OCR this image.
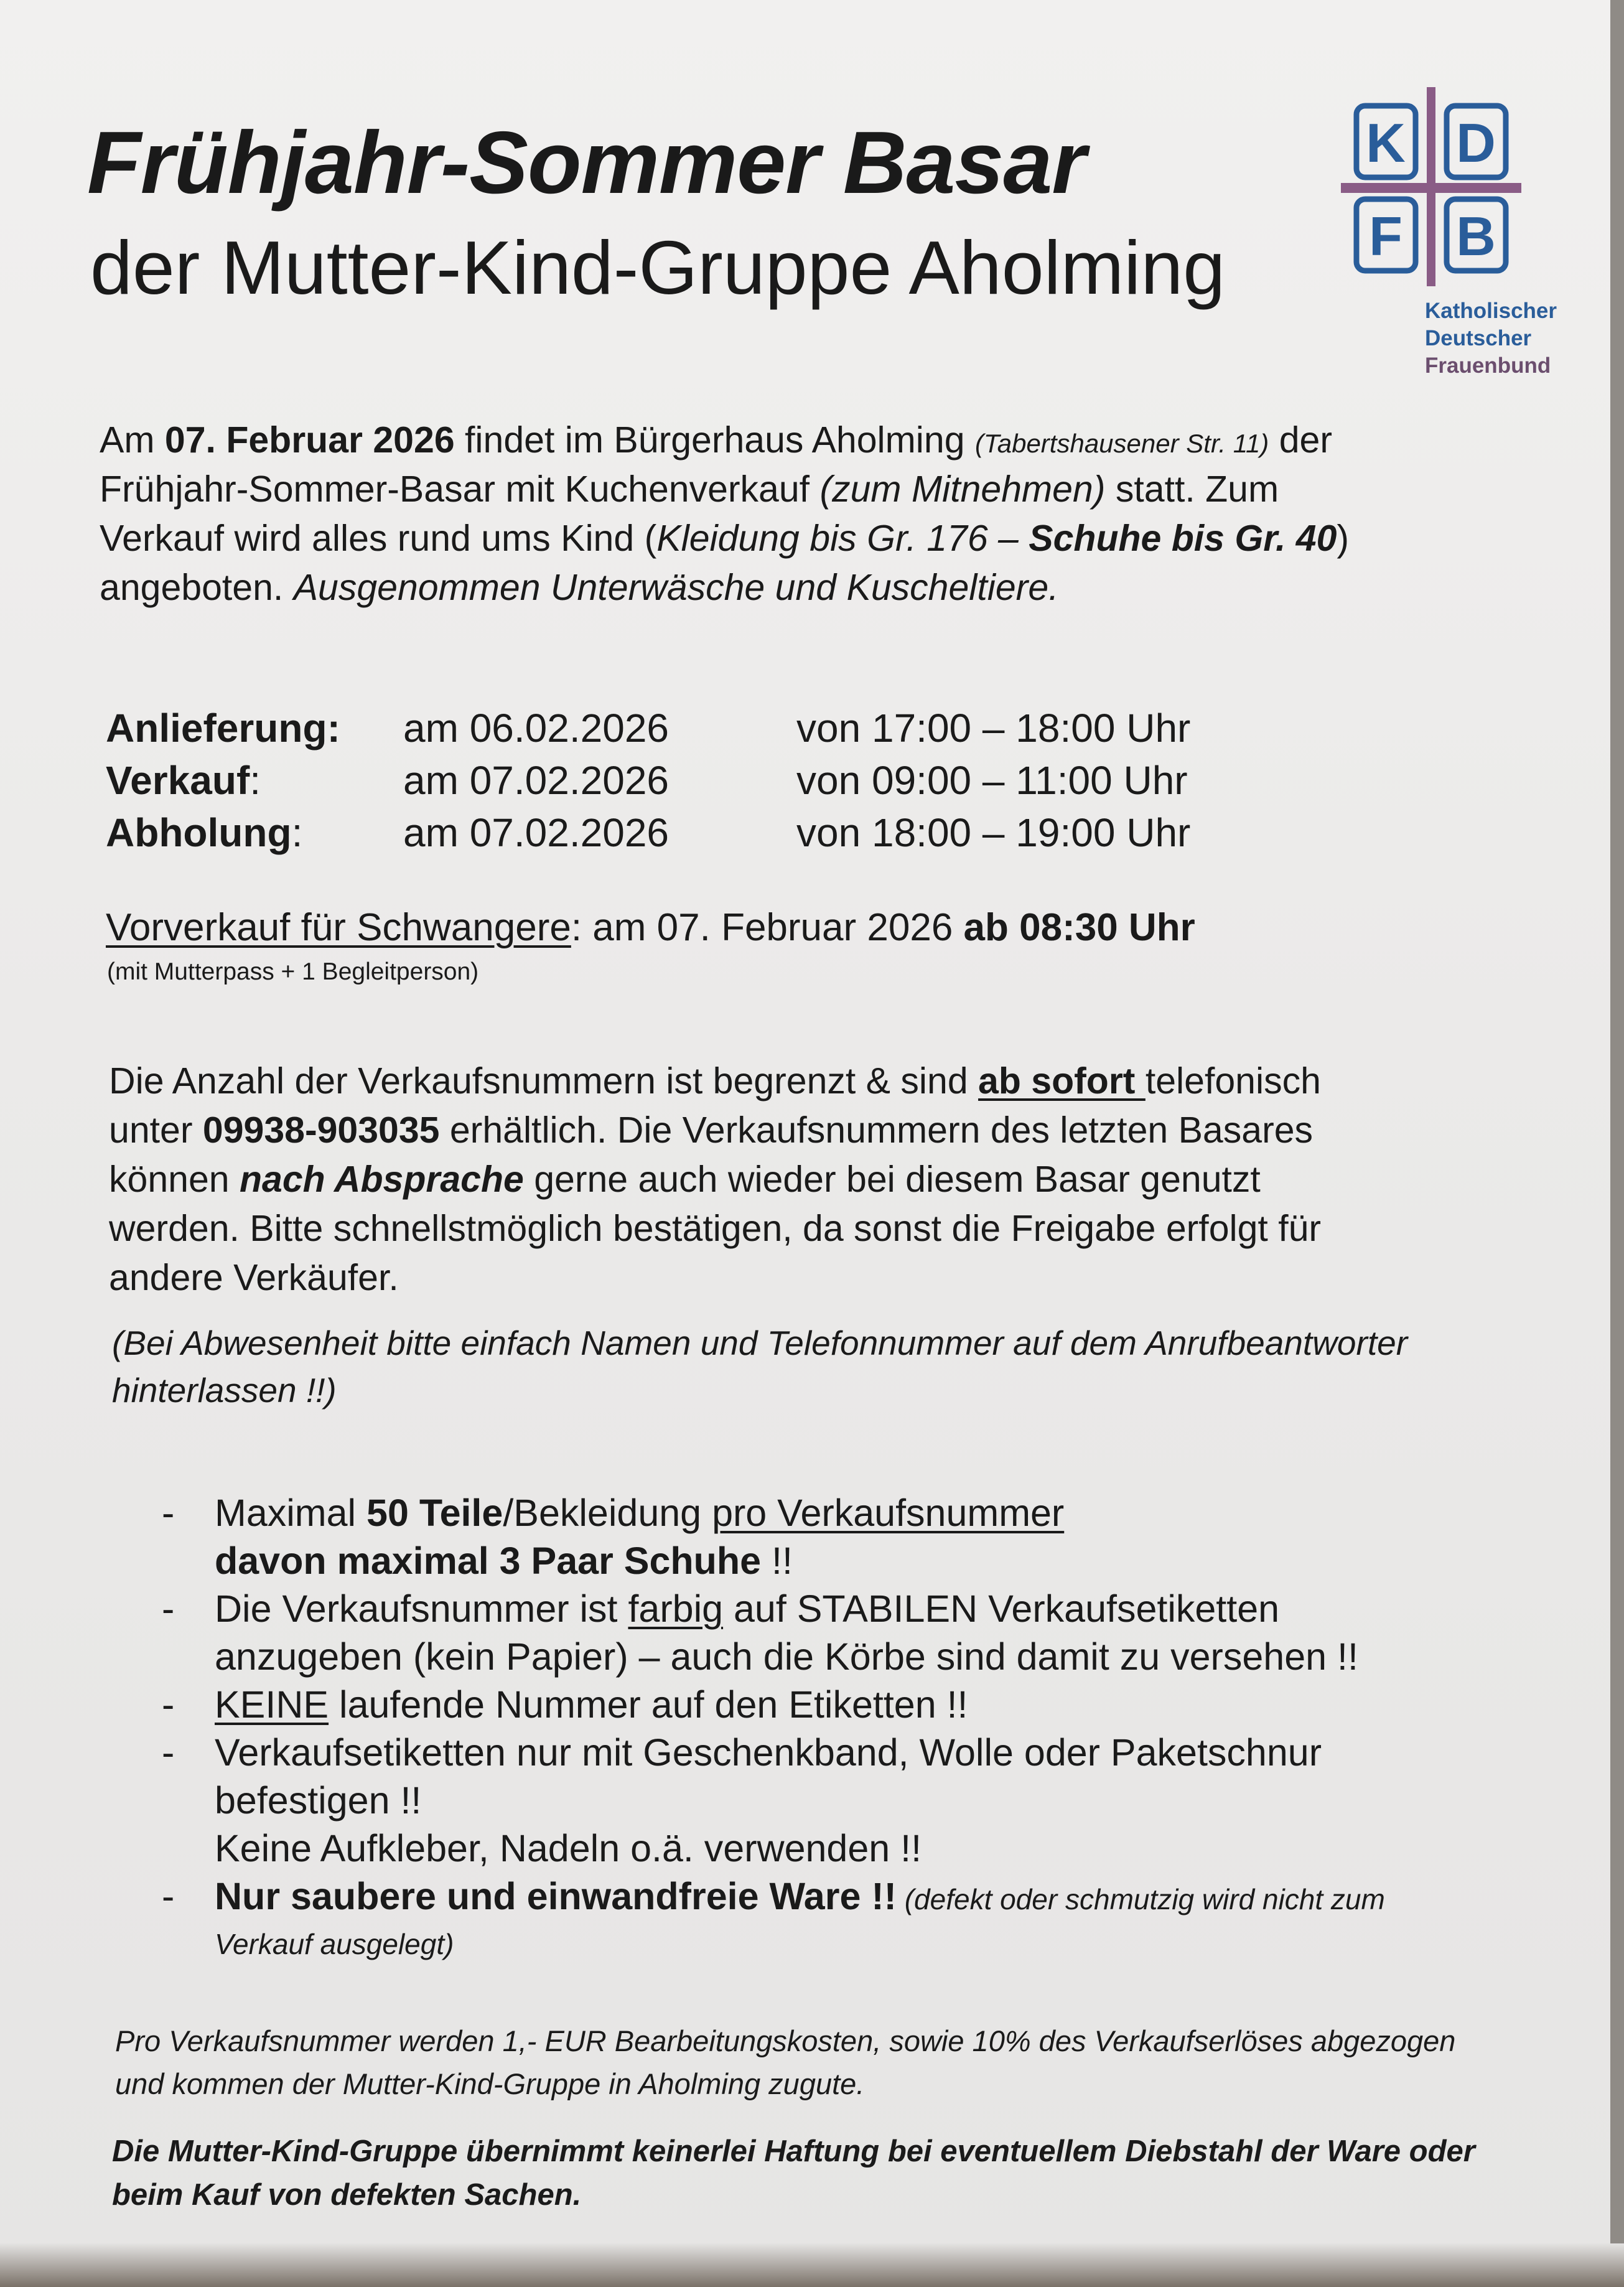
Frühjahr-Sommer Basar
der Mutter-Kind-Gruppe Aholming
K D
F B
Katholischer
Deutscher
Frauenbund
Am 07. Februar 2026 findet im Bürgerhaus Aholming (Tabertshausener Str. 11) der
Frühjahr-Sommer-Basar mit Kuchenverkauf (zum Mitnehmen) statt. Zum
Verkauf wird alles rund ums Kind (Kleidung bis Gr. 176 – Schuhe bis Gr. 40)
angeboten. Ausgenommen Unterwäsche und Kuscheltiere.
Anlieferung: am 06.02.2026	von 17:00 – 18:00 Uhr
Verkauf:	am 07.02.2026	von 09:00 – 11:00 Uhr
Abholung:	am 07.02.2026	von 18:00 – 19:00 Uhr
Vorverkauf für Schwangere: am 07. Februar 2026 ab 08:30 Uhr
(mit Mutterpass + 1 Begleitperson)
Die Anzahl der Verkaufsnummern ist begrenzt & sind ab sofort telefonisch
unter 09938-903035 erhältlich. Die Verkaufsnummern des letzten Basares
können nach Absprache gerne auch wieder bei diesem Basar genutzt
werden. Bitte schnellstmöglich bestätigen, da sonst die Freigabe erfolgt für
andere Verkäufer.
(Bei Abwesenheit bitte einfach Namen und Telefonnummer auf dem Anrufbeantworter
hinterlassen !!)
- Maximal 50 Teile/Bekleidung pro Verkaufsnummer
davon maximal 3 Paar Schuhe !!
- Die Verkaufsnummer ist farbig auf STABILEN Verkaufsetiketten
anzugeben (kein Papier) – auch die Körbe sind damit zu versehen !!
- KEINE laufende Nummer auf den Etiketten !!
- Verkaufsetiketten nur mit Geschenkband, Wolle oder Paketschnur
befestigen !!
Keine Aufkleber, Nadeln o.ä. verwenden !!
- Nur saubere und einwandfreie Ware !! (defekt oder schmutzig wird nicht zum
Verkauf ausgelegt)
Pro Verkaufsnummer werden 1,- EUR Bearbeitungskosten, sowie 10% des Verkaufserlöses abgezogen
und kommen der Mutter-Kind-Gruppe in Aholming zugute.
Die Mutter-Kind-Gruppe übernimmt keinerlei Haftung bei eventuellem Diebstahl der Ware oder
beim Kauf von defekten Sachen.
